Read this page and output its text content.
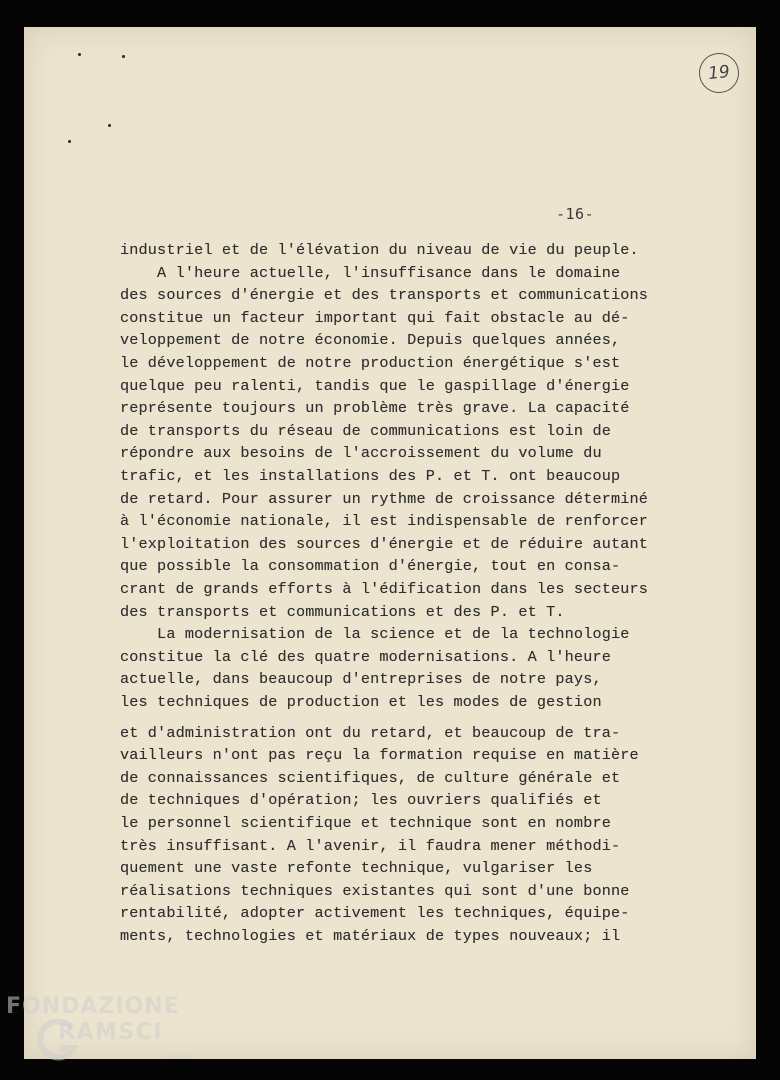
19
-16-
industriel et de l'élévation du niveau de vie du peuple.
A l'heure actuelle, l'insuffisance dans le domaine
des sources d'énergie et des transports et communications
constitue un facteur important qui fait obstacle au dé-
veloppement de notre économie. Depuis quelques années,
le développement de notre production énergétique s'est
quelque peu ralenti, tandis que le gaspillage d'énergie
représente toujours un problème très grave. La capacité
de transports du réseau de communications est loin de
répondre aux besoins de l'accroissement du volume du
trafic, et les installations des P. et T. ont beaucoup
de retard. Pour assurer un rythme de croissance déterminé
à l'économie nationale, il est indispensable de renforcer
l'exploitation des sources d'énergie et de réduire autant
que possible la consommation d'énergie, tout en consa-
crant de grands efforts à l'édification dans les secteurs
des transports et communications et des P. et T.
La modernisation de la science et de la technologie
constitue la clé des quatre modernisations. A l'heure
actuelle, dans beaucoup d'entreprises de notre pays,
les techniques de production et les modes de gestion
et d'administration ont du retard, et beaucoup de tra-
vailleurs n'ont pas reçu la formation requise en matière
de connaissances scientifiques, de culture générale et
de techniques d'opération; les ouvriers qualifiés et
le personnel scientifique et technique sont en nombre
très insuffisant. A l'avenir, il faudra mener méthodi-
quement une vaste refonte technique, vulgariser les
réalisations techniques existantes qui sont d'une bonne
rentabilité, adopter activement les techniques, équipe-
ments, technologies et matériaux de types nouveaux; il
FONDAZIONE
RAMSCI
onlus
